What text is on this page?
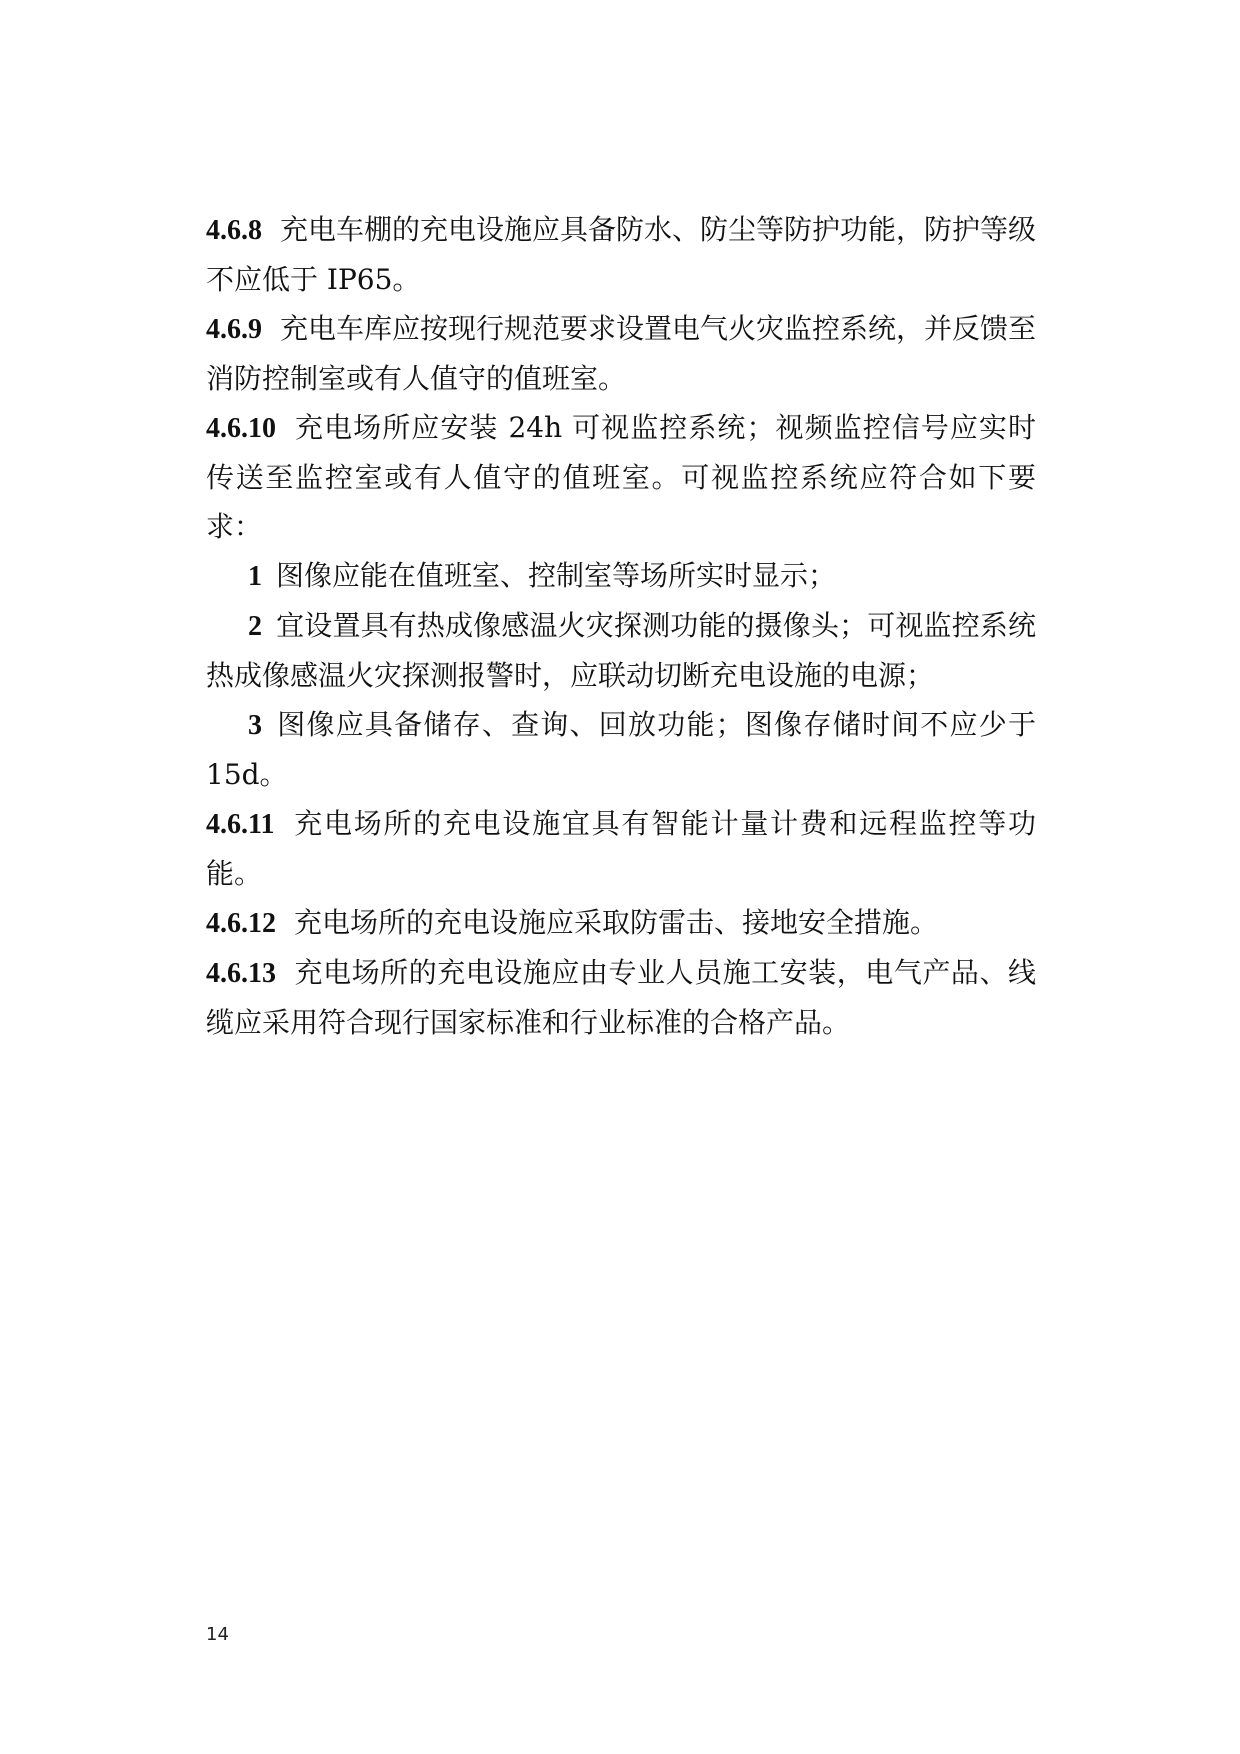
4.6.8 充电车棚的充电设施应具备防水、防尘等防护功能，防护等级不应低于 IP65。

4.6.9 充电车库应按现行规范要求设置电气火灾监控系统，并反馈至消防控制室或有人值守的值班室。

4.6.10 充电场所应安装 24h 可视监控系统；视频监控信号应实时传送至监控室或有人值守的值班室。可视监控系统应符合如下要求：

1 图像应能在值班室、控制室等场所实时显示；

2 宜设置具有热成像感温火灾探测功能的摄像头；可视监控系统热成像感温火灾探测报警时，应联动切断充电设施的电源；

3 图像应具备储存、查询、回放功能；图像存储时间不应少于15d。

4.6.11 充电场所的充电设施宜具有智能计量计费和远程监控等功能。

4.6.12 充电场所的充电设施应采取防雷击、接地安全措施。

4.6.13 充电场所的充电设施应由专业人员施工安装，电气产品、线缆应采用符合现行国家标准和行业标准的合格产品。

14
